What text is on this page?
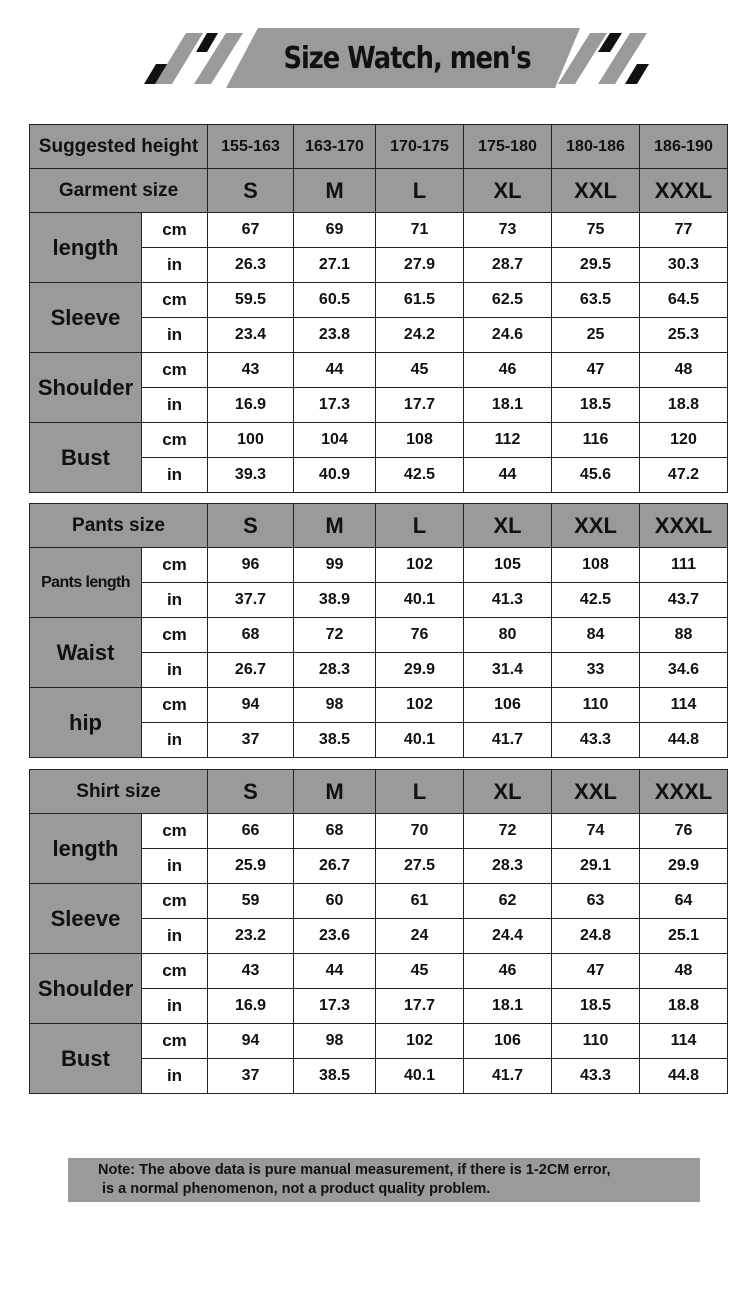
Size Watch, men's
Suggested height		155-163	163-170	170-175	175-180	180-186	186-190
Garment size		S	M	L	XL	XXL	XXXL
length	cm	67	69	71	73	75	77
	in	26.3	27.1	27.9	28.7	29.5	30.3
Sleeve	cm	59.5	60.5	61.5	62.5	63.5	64.5
	in	23.4	23.8	24.2	24.6	25	25.3
Shoulder	cm	43	44	45	46	47	48
	in	16.9	17.3	17.7	18.1	18.5	18.8
Bust	cm	100	104	108	112	116	120
	in	39.3	40.9	42.5	44	45.6	47.2
Pants size		S	M	L	XL	XXL	XXXL
Pants length	cm	96	99	102	105	108	111
	in	37.7	38.9	40.1	41.3	42.5	43.7
Waist	cm	68	72	76	80	84	88
	in	26.7	28.3	29.9	31.4	33	34.6
hip	cm	94	98	102	106	110	114
	in	37	38.5	40.1	41.7	43.3	44.8
Shirt size		S	M	L	XL	XXL	XXXL
length	cm	66	68	70	72	74	76
	in	25.9	26.7	27.5	28.3	29.1	29.9
Sleeve	cm	59	60	61	62	63	64
	in	23.2	23.6	24	24.4	24.8	25.1
Shoulder	cm	43	44	45	46	47	48
	in	16.9	17.3	17.7	18.1	18.5	18.8
Bust	cm	94	98	102	106	110	114
	in	37	38.5	40.1	41.7	43.3	44.8
Note: The above data is pure manual measurement, if there is 1-2CM error,
is a normal phenomenon, not a product quality problem.
